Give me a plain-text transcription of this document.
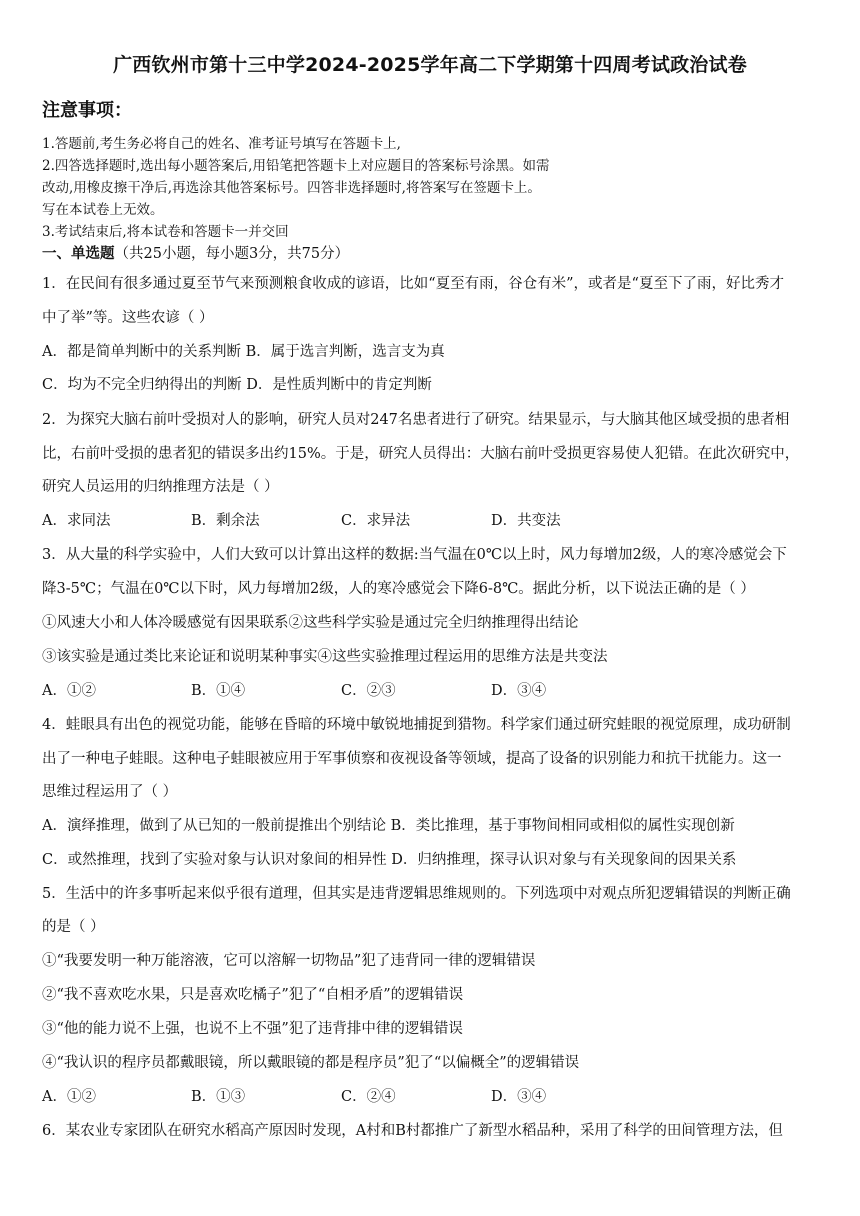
广西钦州市第十三中学2024-2025学年高二下学期第十四周考试政治试卷
注意事项：
1.答题前,考生务必将自己的姓名、准考证号填写在答题卡上,
2.四答选择题时,选出每小题答案后,用铅笔把答题卡上对应题目的答案标号涂黑。如需
改动,用橡皮擦干净后,再选涂其他答案标号。四答非选择题时,将答案写在签题卡上。
写在本试卷上无效。
3.考试结束后,将本试卷和答题卡一并交回
一、单选题（共25小题，每小题3分，共75分）
1．在民间有很多通过夏至节气来预测粮食收成的谚语，比如“夏至有雨，谷仓有米”，或者是“夏至下了雨，好比秀才
中了举”等。这些农谚（ ）
A．都是简单判断中的关系判断 B．属于选言判断，选言支为真
C．均为不完全归纳得出的判断 D．是性质判断中的肯定判断
2．为探究大脑右前叶受损对人的影响，研究人员对247名患者进行了研究。结果显示，与大脑其他区域受损的患者相
比，右前叶受损的患者犯的错误多出约15%。于是，研究人员得出：大脑右前叶受损更容易使人犯错。在此次研究中，
研究人员运用的归纳推理方法是（ ）
A．求同法	B．剩余法	C．求异法	D．共变法
3．从大量的科学实验中，人们大致可以计算出这样的数据:当气温在0℃以上时，风力每增加2级，人的寒冷感觉会下
降3-5℃；气温在0℃以下时，风力每增加2级，人的寒冷感觉会下降6-8℃。据此分析，以下说法正确的是（ ）
①风速大小和人体冷暖感觉有因果联系②这些科学实验是通过完全归纳推理得出结论
③该实验是通过类比来论证和说明某种事实④这些实验推理过程运用的思维方法是共变法
A．①②	B．①④	C．②③	D．③④
4．蛙眼具有出色的视觉功能，能够在昏暗的环境中敏锐地捕捉到猎物。科学家们通过研究蛙眼的视觉原理，成功研制
出了一种电子蛙眼。这种电子蛙眼被应用于军事侦察和夜视设备等领域，提高了设备的识别能力和抗干扰能力。这一
思维过程运用了（ ）
A．演绎推理，做到了从已知的一般前提推出个别结论 B．类比推理，基于事物间相同或相似的属性实现创新
C．或然推理，找到了实验对象与认识对象间的相异性 D．归纳推理，探寻认识对象与有关现象间的因果关系
5．生活中的许多事听起来似乎很有道理，但其实是违背逻辑思维规则的。下列选项中对观点所犯逻辑错误的判断正确
的是（ ）
①“我要发明一种万能溶液，它可以溶解一切物品”犯了违背同一律的逻辑错误
②“我不喜欢吃水果，只是喜欢吃橘子”犯了“自相矛盾”的逻辑错误
③“他的能力说不上强，也说不上不强”犯了违背排中律的逻辑错误
④“我认识的程序员都戴眼镜，所以戴眼镜的都是程序员”犯了“以偏概全”的逻辑错误
A．①②	B．①③	C．②④	D．③④
6．某农业专家团队在研究水稻高产原因时发现，A村和B村都推广了新型水稻品种，采用了科学的田间管理方法，但
